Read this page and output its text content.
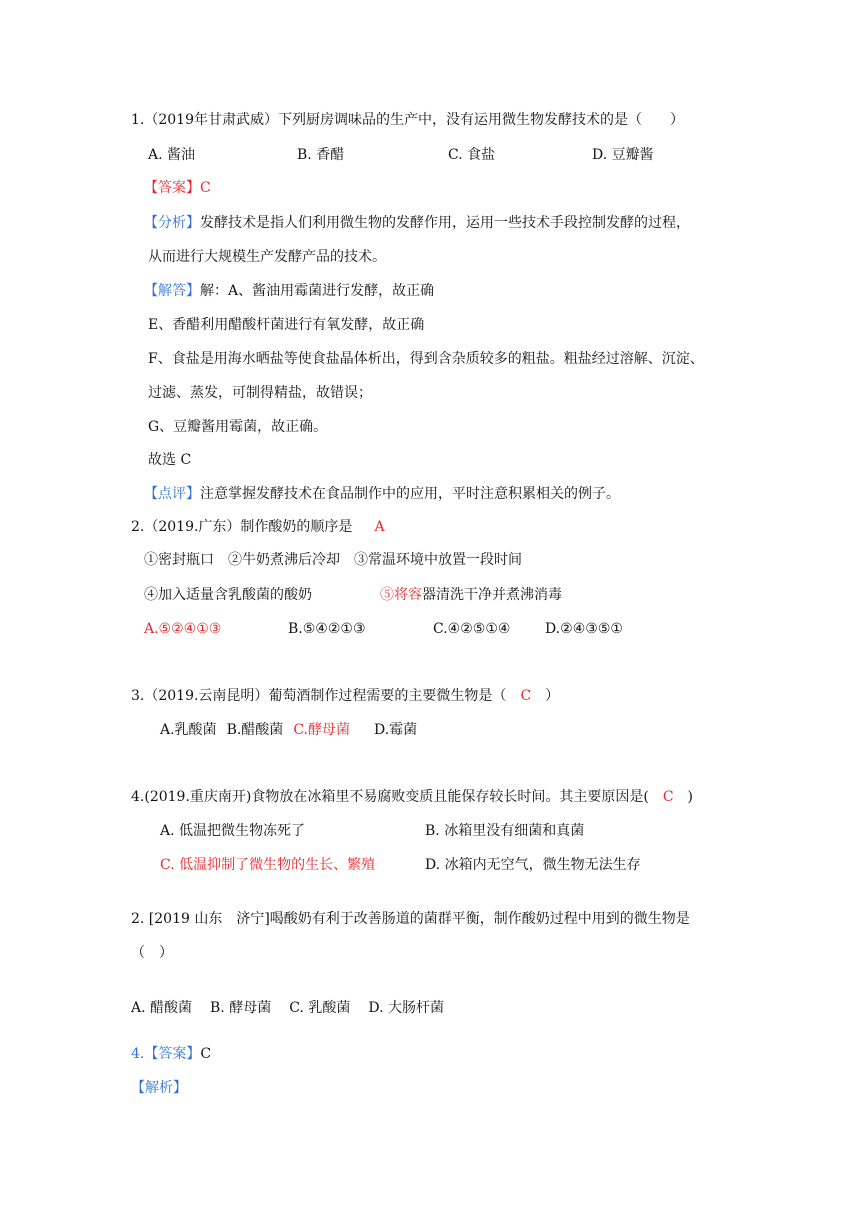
1.（2019年甘肃武威）下列厨房调味品的生产中，没有运用微生物发酵技术的是（　　）
A. 酱油	B. 香醋	C. 食盐	D. 豆瓣酱
【答案】C
【分析】发酵技术是指人们利用微生物的发酵作用，运用一些技术手段控制发酵的过程，
从而进行大规模生产发酵产品的技术。
【解答】解：A、酱油用霉菌进行发酵，故正确
E、香醋利用醋酸杆菌进行有氧发酵，故正确
F、食盐是用海水晒盐等使食盐晶体析出，得到含杂质较多的粗盐。粗盐经过溶解、沉淀、
过滤、蒸发，可制得精盐，故错误；
G、豆瓣酱用霉菌，故正确。
故选 C
【点评】注意掌握发酵技术在食品制作中的应用，平时注意积累相关的例子。
2.（2019.广东）制作酸奶的顺序是 A
①密封瓶口　②牛奶煮沸后冷却　③常温环境中放置一段时间
④加入适量含乳酸菌的酸奶	⑤将容器清洗干净并煮沸消毒
A.⑤②④①③	B.⑤④②①③	C.④②⑤①④ D.②④③⑤①
3.（2019.云南昆明）葡萄酒制作过程需要的主要微生物是（ C ）
A.乳酸菌 B.醋酸菌 C.酵母菌 D.霉菌
4.(2019.重庆南开)食物放在冰箱里不易腐败变质且能保存较长时间。其主要原因是( C )
A. 低温把微生物冻死了	B. 冰箱里没有细菌和真菌
C. 低温抑制了微生物的生长、繁殖	D. 冰箱内无空气，微生物无法生存
2. [2019 山东　济宁]喝酸奶有利于改善肠道的菌群平衡，制作酸奶过程中用到的微生物是
（　）
A. 醋酸菌 B. 酵母菌 C. 乳酸菌 D. 大肠杆菌
4.【答案】C
【解析】
